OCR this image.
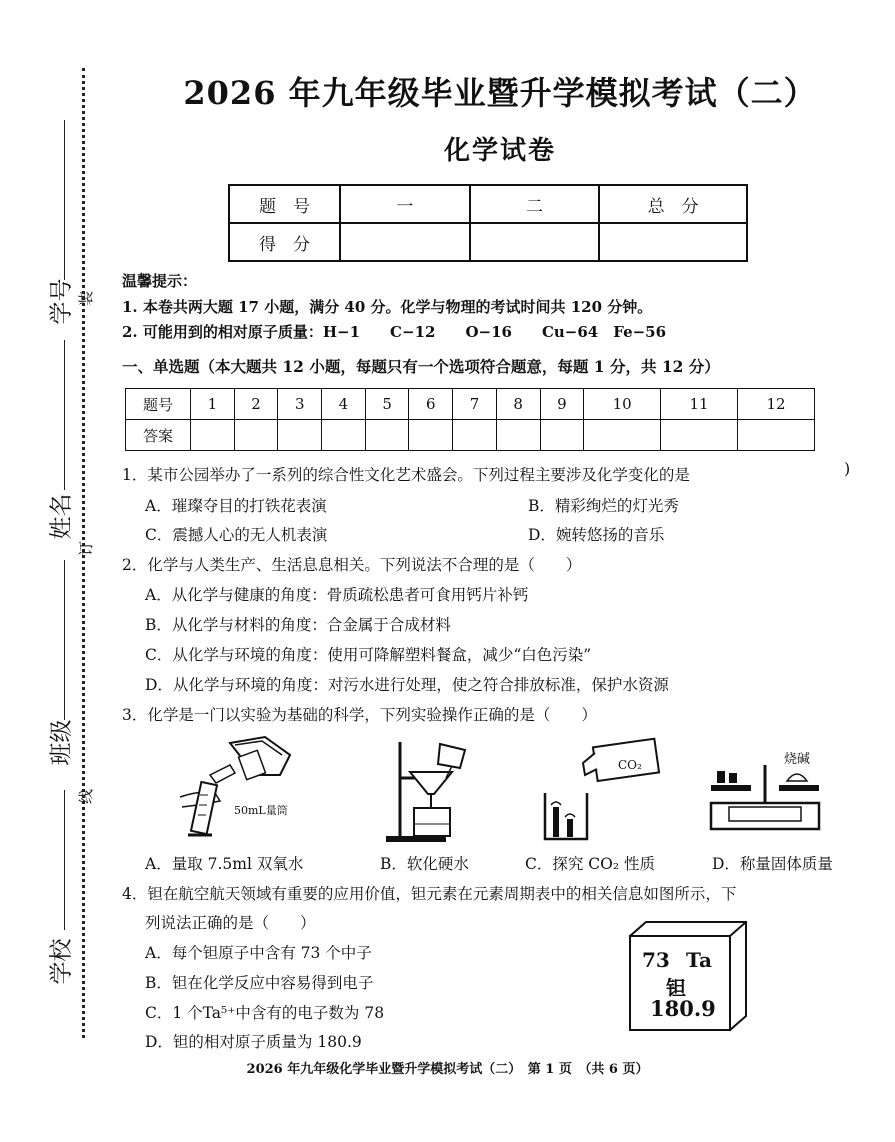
学号 装
姓名
订
班级
线
学校
2026 年九年级毕业暨升学模拟考试（二）
化学试卷
题　号	一	二	总　分
得　分			
温馨提示：
1. 本卷共两大题 17 小题，满分 40 分。化学与物理的考试时间共 120 分钟。
2. 可能用到的相对原子质量：H−1　　C−12　　O−16　　Cu−64　Fe−56
一、单选题（本大题共 12 小题，每题只有一个选项符合题意，每题 1 分，共 12 分）
题号	1	2	3	4	5	6	7	8	9	10	11	12
答案												
1．某市公园举办了一系列的综合性文化艺术盛会。下列过程主要涉及化学变化的是	)
A．璀璨夺目的打铁花表演	B．精彩绚烂的灯光秀
C．震撼人心的无人机表演	D．婉转悠扬的音乐
2．化学与人类生产、生活息息相关。下列说法不合理的是（　　）
A．从化学与健康的角度：骨质疏松患者可食用钙片补钙
B．从化学与材料的角度：合金属于合成材料
C．从化学与环境的角度：使用可降解塑料餐盒，减少“白色污染”
D．从化学与环境的角度：对污水进行处理，使之符合排放标准，保护水资源
3．化学是一门以实验为基础的科学，下列实验操作正确的是（　　）
50mL量筒
CO₂	烧碱
A．量取 7.5ml 双氧水	B．软化硬水	C．探究 CO₂ 性质	D．称量固体质量
4．钽在航空航天领域有重要的应用价值，钽元素在元素周期表中的相关信息如图所示，下
列说法正确的是（　　）
A．每个钽原子中含有 73 个中子
B．钽在化学反应中容易得到电子
C．1 个Ta⁵⁺中含有的电子数为 78
D．钽的相对原子质量为 180.9
73 Ta
钽
180.9
2026 年九年级化学毕业暨升学模拟考试（二）　第 1 页　（共 6 页）
